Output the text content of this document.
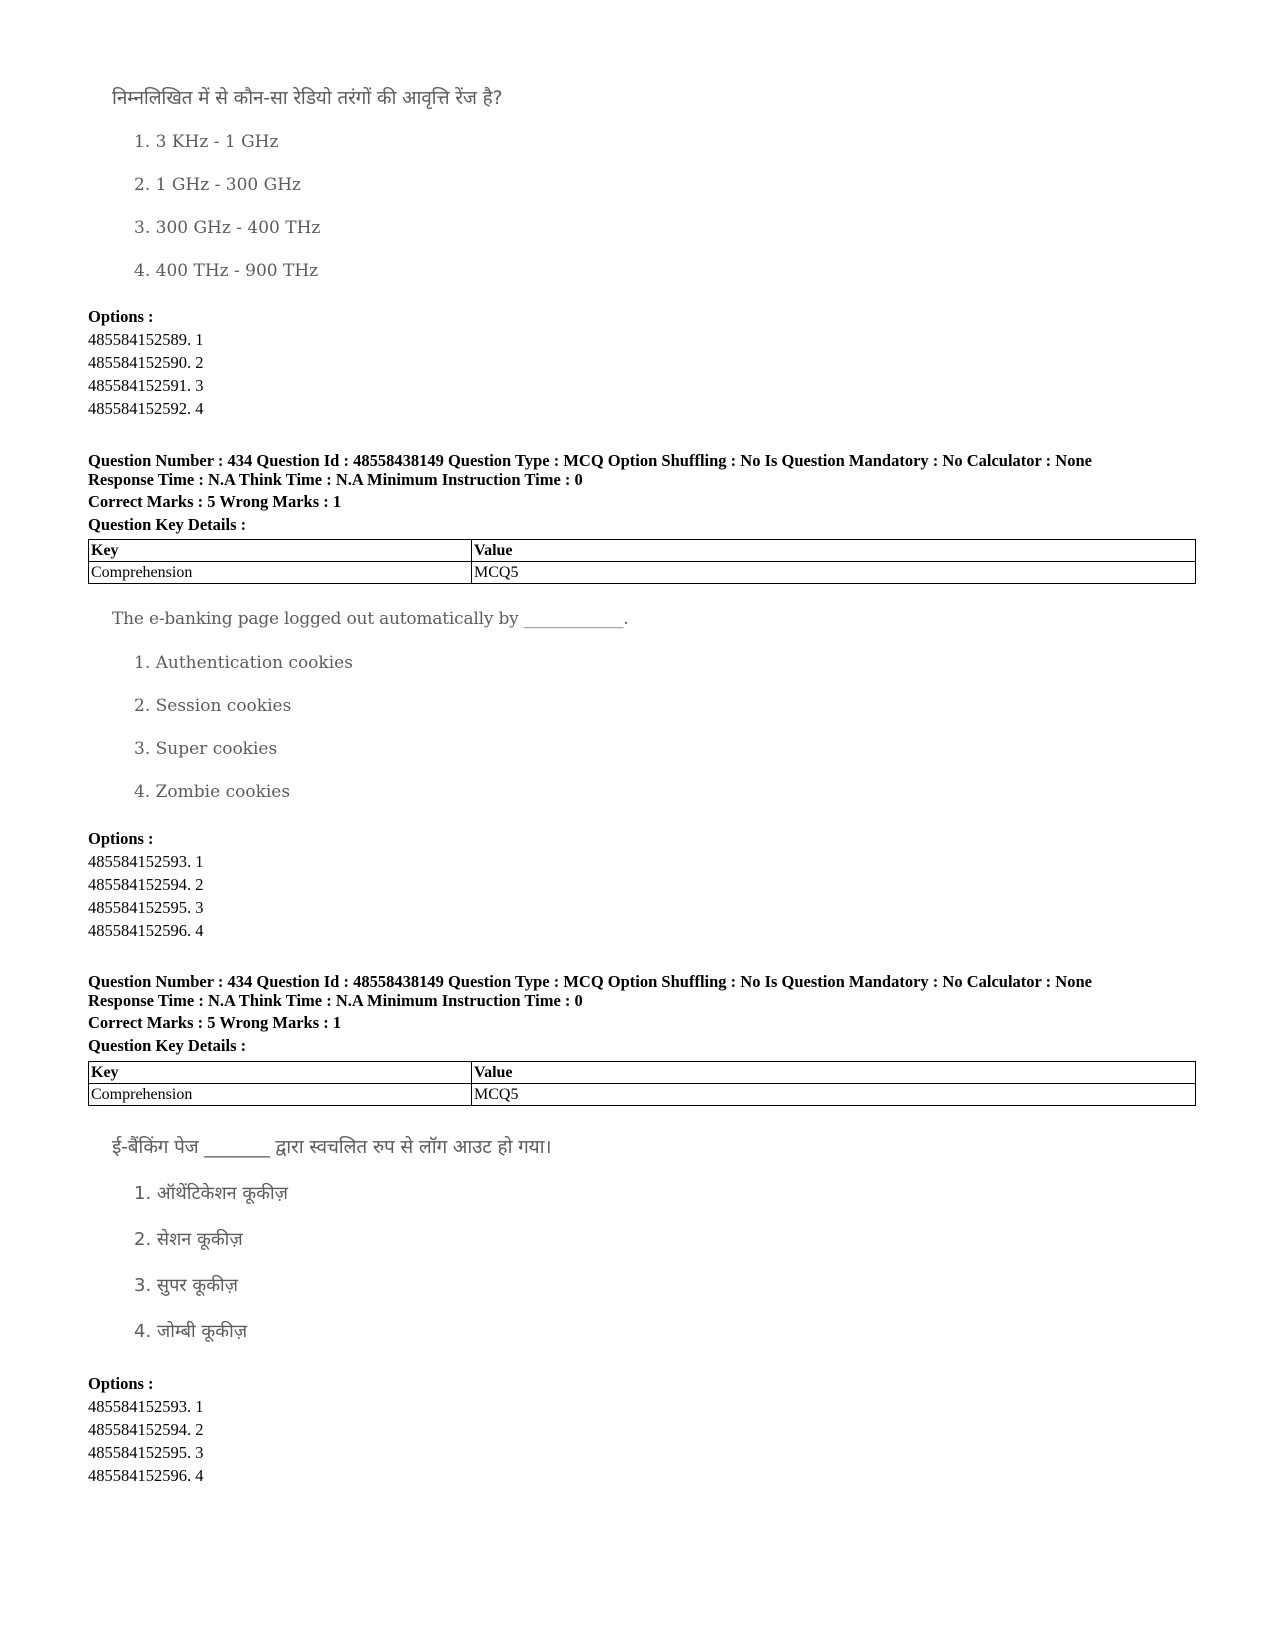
निम्नलिखित में से कौन-सा रेडियो तरंगों की आवृत्ति रेंज है?
1. 3 KHz - 1 GHz
2. 1 GHz - 300 GHz
3. 300 GHz - 400 THz
4. 400 THz - 900 THz
Options :
485584152589. 1
485584152590. 2
485584152591. 3
485584152592. 4
Question Number : 434 Question Id : 48558438149 Question Type : MCQ Option Shuffling : No Is Question Mandatory : No Calculator : None
Response Time : N.A Think Time : N.A Minimum Instruction Time : 0
Correct Marks : 5 Wrong Marks : 1
Question Key Details :
Key	Value
Comprehension	MCQ5
The e-banking page logged out automatically by ____________.
1. Authentication cookies
2. Session cookies
3. Super cookies
4. Zombie cookies
Options :
485584152593. 1
485584152594. 2
485584152595. 3
485584152596. 4
Question Number : 434 Question Id : 48558438149 Question Type : MCQ Option Shuffling : No Is Question Mandatory : No Calculator : None
Response Time : N.A Think Time : N.A Minimum Instruction Time : 0
Correct Marks : 5 Wrong Marks : 1
Question Key Details :
Key	Value
Comprehension	MCQ5
ई-बैंकिंग पेज _______ द्वारा स्वचलित रुप से लॉग आउट हो गया।
1. ऑथेंटिकेशन कूकीज़
2. सेशन कूकीज़
3. सुपर कूकीज़
4. जोम्बी कूकीज़
Options :
485584152593. 1
485584152594. 2
485584152595. 3
485584152596. 4
